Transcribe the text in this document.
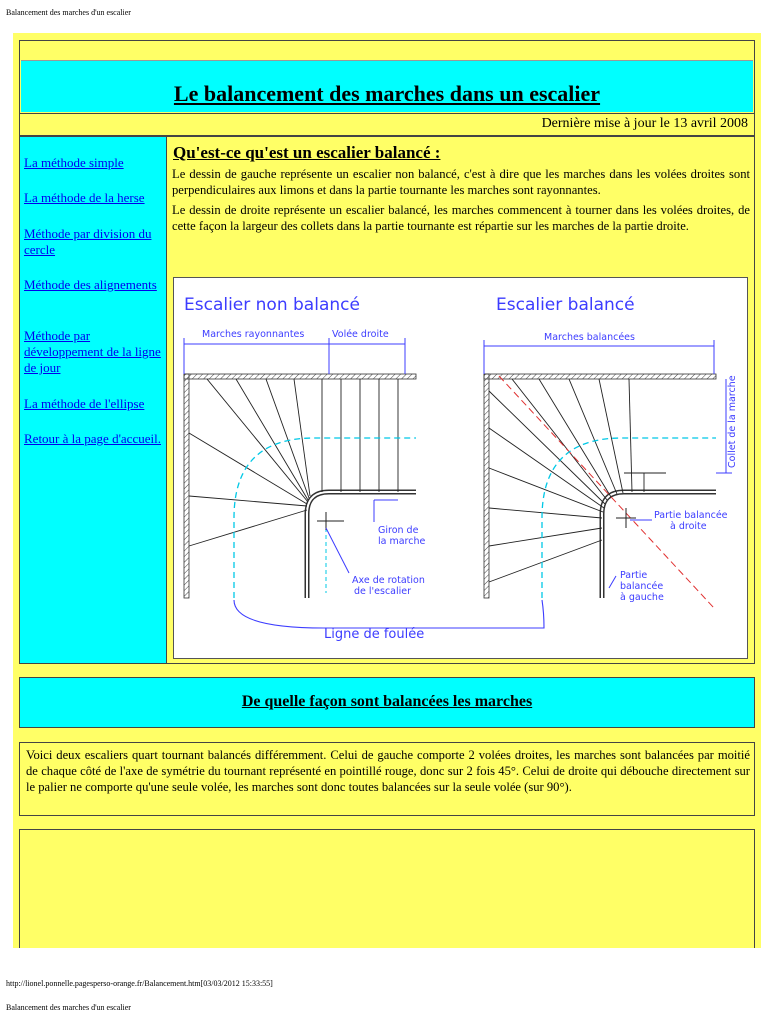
Balancement des marches d'un escalier
Le balancement des marches dans un escalier
Dernière mise à jour le 13 avril 2008
La méthode simple
La méthode de la herse
Méthode par division du cercle
Méthode des alignements
Méthode par développement de la ligne de jour
La méthode de l'ellipse
Retour à la page d'accueil.
Qu'est-ce qu'est un escalier balancé :

Le dessin de gauche représente un escalier non balancé, c'est à dire que les marches dans les volées droites sont perpendiculaires aux limons et dans la partie tournante les marches sont rayonnantes.

Le dessin de droite représente un escalier balancé, les marches commencent à tourner dans les volées droites, de cette façon la largeur des collets dans la partie tournante est répartie sur les marches de la partie droite.

Escalier non balancé	Escalier balancé
Marches rayonnantes	Volée droite	Marches balancées
Collet de la marche
Giron de
la marche
Axe de rotation
de l'escalier
Partie balancée
à droite
Partie
balancée
à gauche
Ligne de foulée
De quelle façon sont balancées les marches

Voici deux escaliers quart tournant balancés différemment. Celui de gauche comporte 2 volées droites, les marches sont balancées par moitié de chaque côté de l'axe de symétrie du tournant représenté en pointillé rouge, donc sur 2 fois 45°. Celui de droite qui débouche directement sur le palier ne comporte qu'une seule volée, les marches sont donc toutes balancées sur la seule volée (sur 90°).

http://lionel.ponnelle.pagesperso-orange.fr/Balancement.htm[03/03/2012 15:33:55]
Balancement des marches d'un escalier
